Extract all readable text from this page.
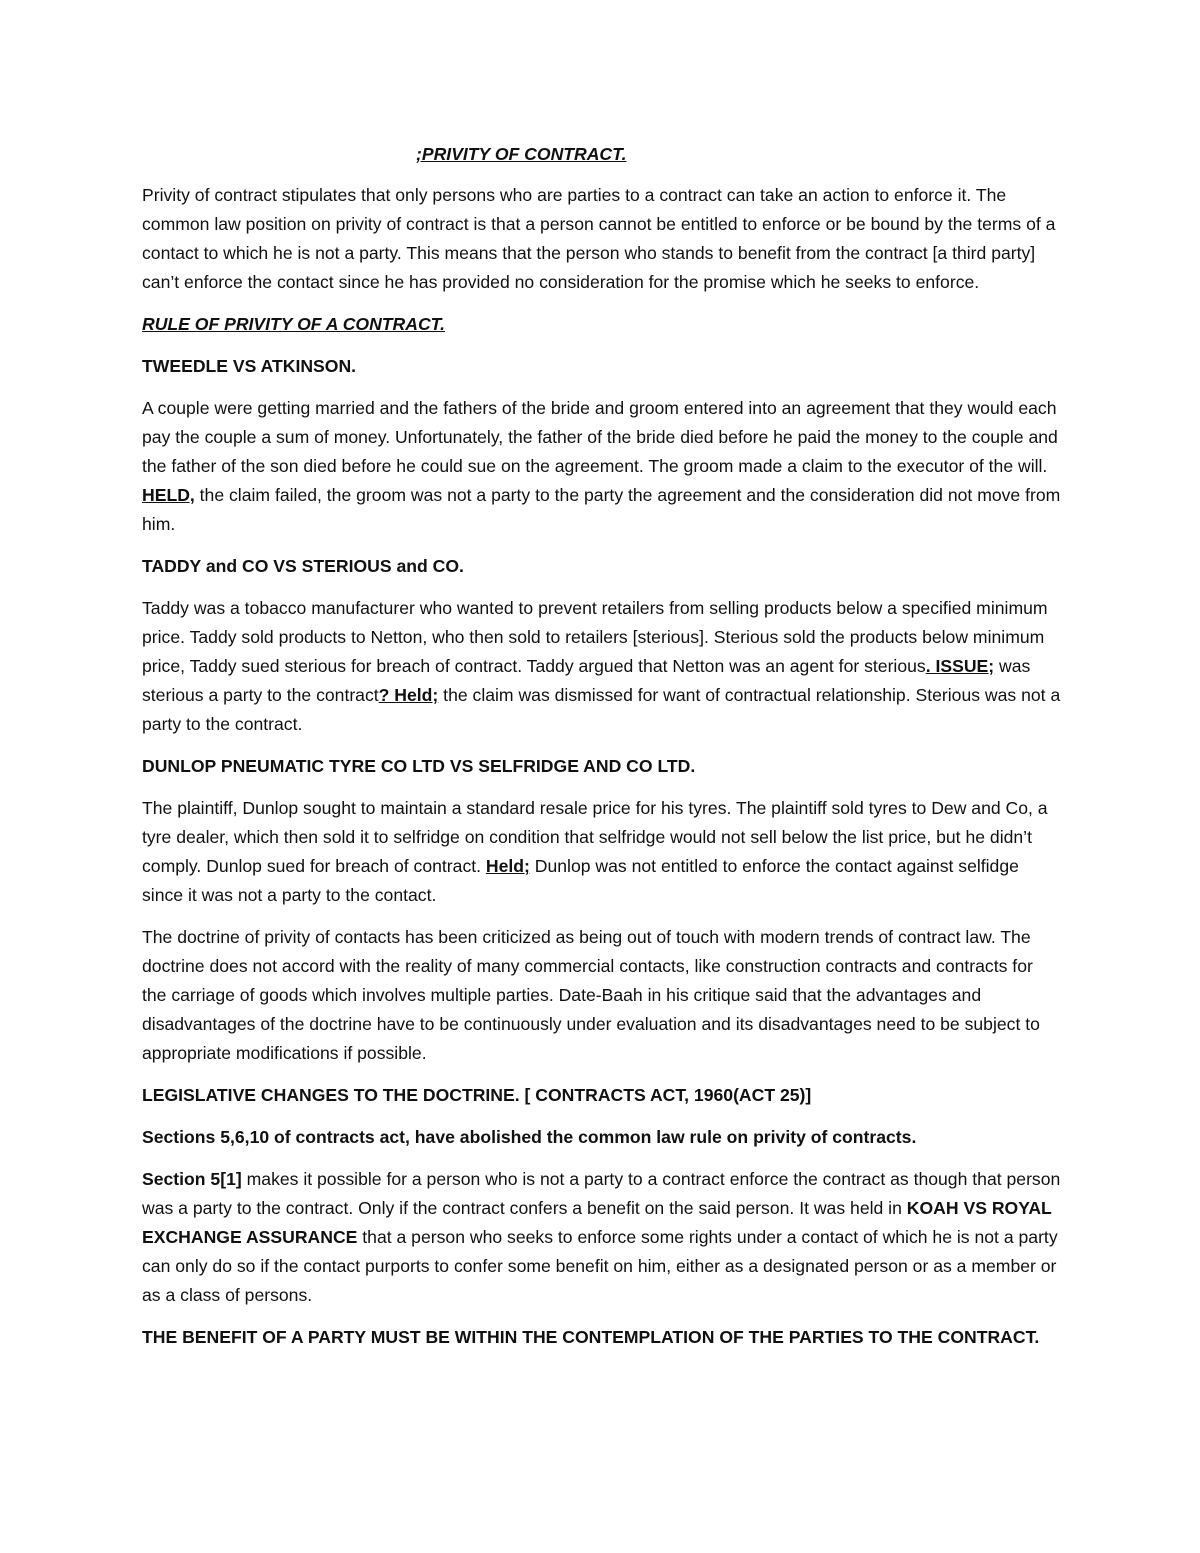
;PRIVITY OF CONTRACT.

Privity of contract stipulates that only persons who are parties to a contract can take an action to enforce it. The common law position on privity of contract is that a person cannot be entitled to enforce or be bound by the terms of a contact to which he is not a party. This means that the person who stands to benefit from the contract [a third party] can’t enforce the contact since he has provided no consideration for the promise which he seeks to enforce.

RULE OF PRIVITY OF A CONTRACT.

TWEEDLE VS ATKINSON.

A couple were getting married and the fathers of the bride and groom entered into an agreement that they would each pay the couple a sum of money. Unfortunately, the father of the bride died before he paid the money to the couple and the father of the son died before he could sue on the agreement. The groom made a claim to the executor of the will. HELD, the claim failed, the groom was not a party to the party the agreement and the consideration did not move from him.

TADDY and CO VS STERIOUS and CO.

Taddy was a tobacco manufacturer who wanted to prevent retailers from selling products below a specified minimum price. Taddy sold products to Netton, who then sold to retailers [sterious]. Sterious sold the products below minimum price, Taddy sued sterious for breach of contract. Taddy argued that Netton was an agent for sterious. ISSUE; was sterious a party to the contract? Held; the claim was dismissed for want of contractual relationship. Sterious was not a party to the contract.

DUNLOP PNEUMATIC TYRE CO LTD VS SELFRIDGE AND CO LTD.

The plaintiff, Dunlop sought to maintain a standard resale price for his tyres. The plaintiff sold tyres to Dew and Co, a tyre dealer, which then sold it to selfridge on condition that selfridge would not sell below the list price, but he didn’t comply. Dunlop sued for breach of contract. Held; Dunlop was not entitled to enforce the contact against selfidge since it was not a party to the contact.

The doctrine of privity of contacts has been criticized as being out of touch with modern trends of contract law. The doctrine does not accord with the reality of many commercial contacts, like construction contracts and contracts for the carriage of goods which involves multiple parties. Date-Baah in his critique said that the advantages and disadvantages of the doctrine have to be continuously under evaluation and its disadvantages need to be subject to appropriate modifications if possible.

LEGISLATIVE CHANGES TO THE DOCTRINE. [ CONTRACTS ACT, 1960(ACT 25)]

Sections 5,6,10 of contracts act, have abolished the common law rule on privity of contracts.

Section 5[1] makes it possible for a person who is not a party to a contract enforce the contract as though that person was a party to the contract. Only if the contract confers a benefit on the said person. It was held in KOAH VS ROYAL EXCHANGE ASSURANCE that a person who seeks to enforce some rights under a contact of which he is not a party can only do so if the contact purports to confer some benefit on him, either as a designated person or as a member or as a class of persons.

THE BENEFIT OF A PARTY MUST BE WITHIN THE CONTEMPLATION OF THE PARTIES TO THE CONTRACT.
